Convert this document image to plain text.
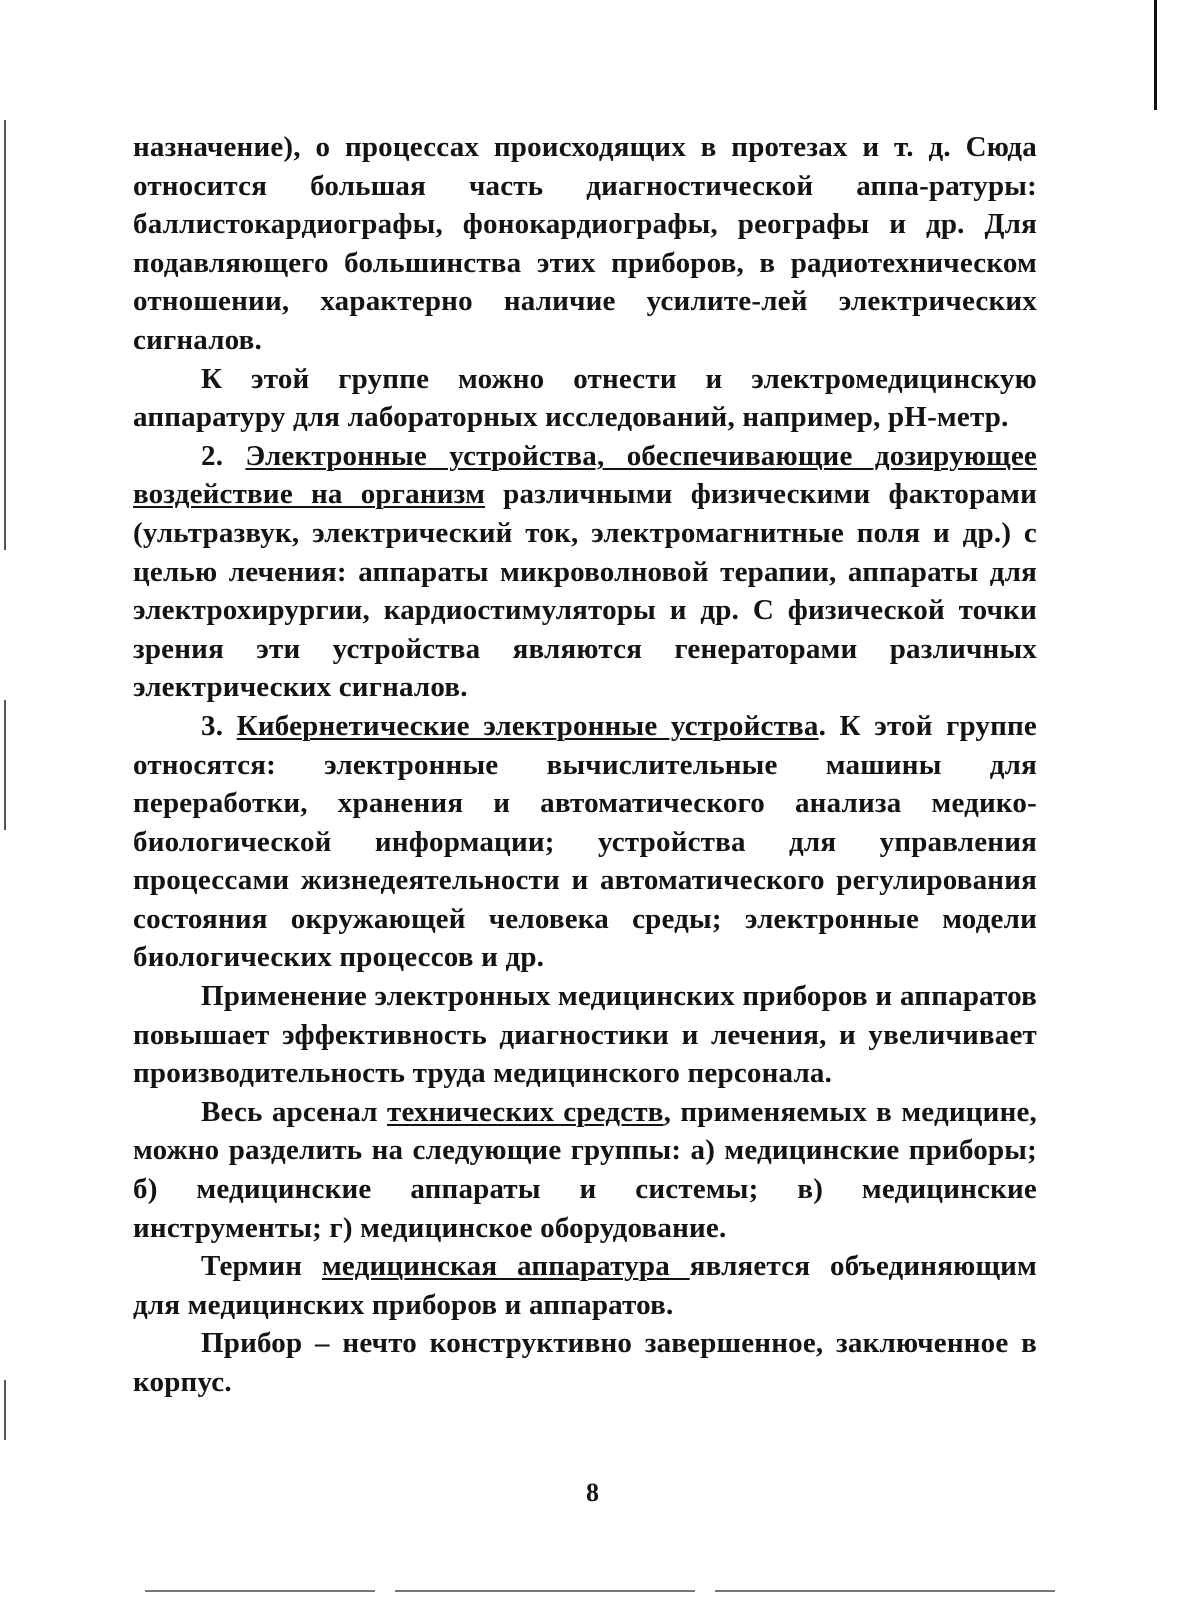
назначение), о процессах происходящих в протезах и т. д. Сюда относится большая часть диагностической аппа-ратуры: баллистокардиографы, фонокардиографы, реографы и др. Для подавляющего большинства этих приборов, в радиотехническом отношении, характерно наличие усилите-лей электрических сигналов.

К этой группе можно отнести и электромедицинскую аппаратуру для лабораторных исследований, например, pH-метр.

2. Электронные устройства, обеспечивающие дозирующее воздействие на организм различными физическими факторами (ультразвук, электрический ток, электромагнитные поля и др.) с целью лечения: аппараты микроволновой терапии, аппараты для электрохирургии, кардиостимуляторы и др. С физической точки зрения эти устройства являются генераторами различных электрических сигналов.

3. Кибернетические электронные устройства. К этой группе относятся: электронные вычислительные машины для переработки, хранения и автоматического анализа медико-биологической информации; устройства для управления процессами жизнедеятельности и автоматического регулирования состояния окружающей человека среды; электронные модели биологических процессов и др.

Применение электронных медицинских приборов и аппаратов повышает эффективность диагностики и лечения, и увеличивает производительность труда медицинского персонала.

Весь арсенал технических средств, применяемых в медицине, можно разделить на следующие группы: а) медицинские приборы; б) медицинские аппараты и системы; в) медицинские инструменты; г) медицинское оборудование.

Термин медицинская аппаратура является объединяющим для медицинских приборов и аппаратов.

Прибор – нечто конструктивно завершенное, заключенное в корпус.

8
